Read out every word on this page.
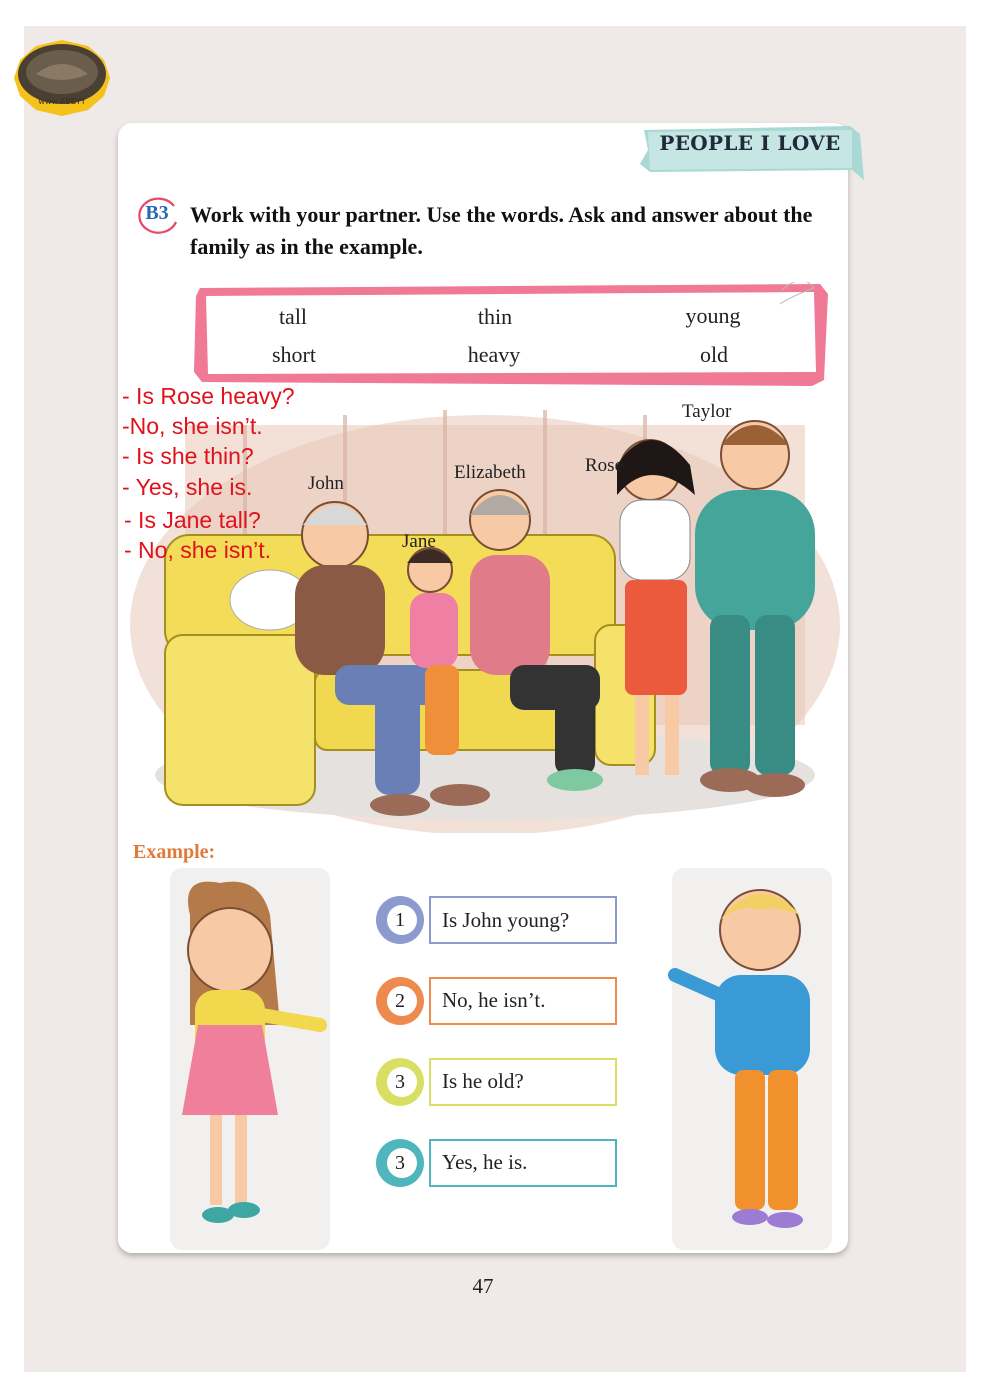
www.ABBYY
PEOPLE I LOVE
B3 Work with your partner. Use the words. Ask and answer about the family as in the example.
tall	thin	young
short	heavy	old
John
Jane
Elizabeth	Rose
Taylor
- Is Rose heavy?
-No, she isn’t.
- Is she thin?
- Yes, she is.
- Is Jane tall?
- No, she isn’t.
Example:
1	Is John young?
2	No, he isn’t.
3	Is he old?
3	Yes, he is.
47
